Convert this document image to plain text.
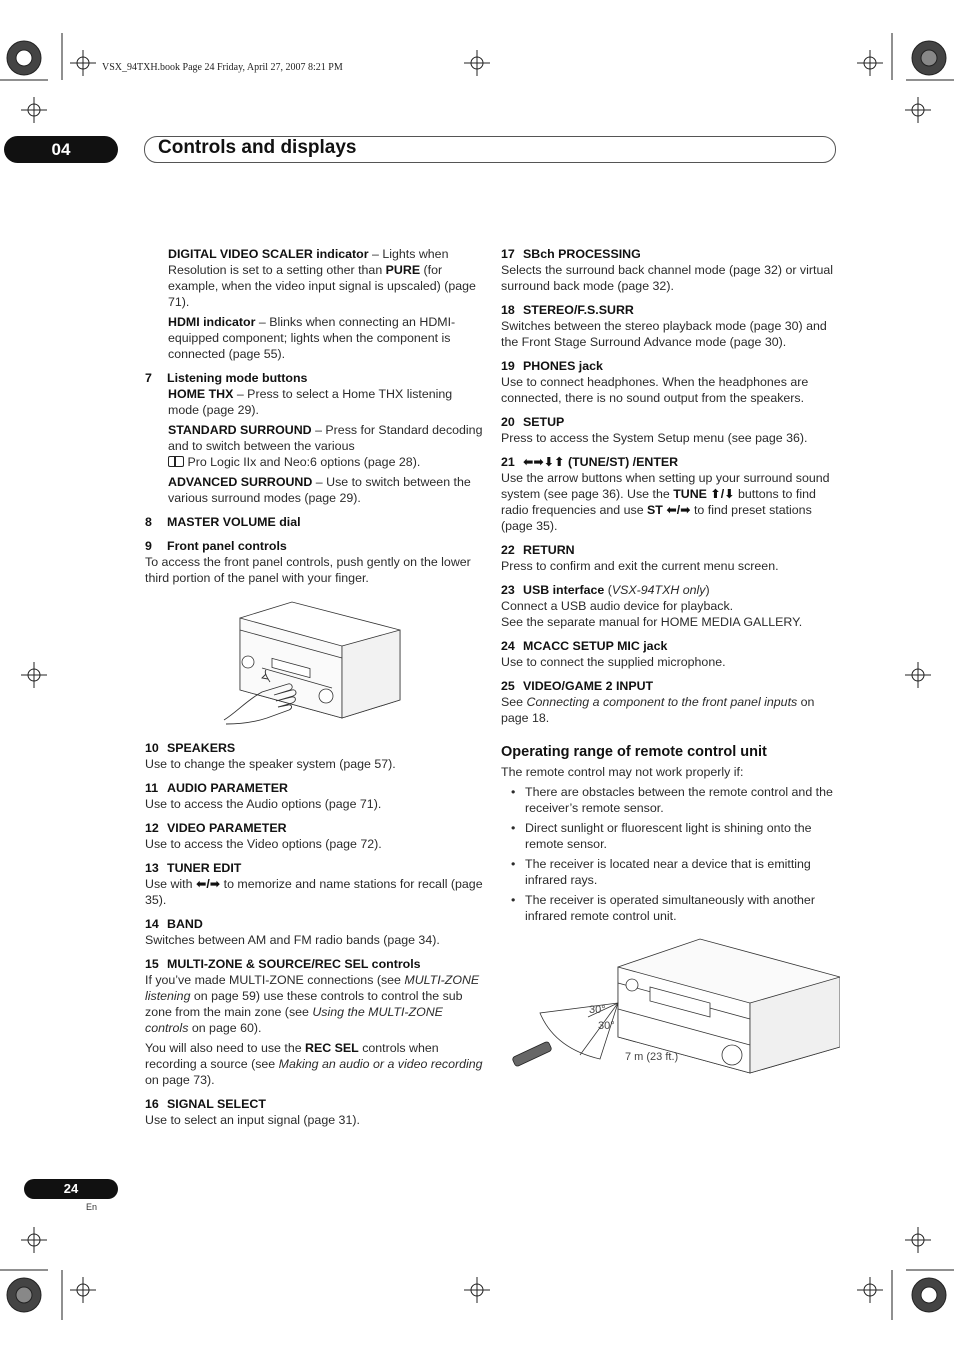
VSX_94TXH.book Page 24 Friday, April 27, 2007 8:21 PM
04	Controls and displays
DIGITAL VIDEO SCALER indicator – Lights when Resolution is set to a setting other than PURE (for example, when the video input signal is upscaled) (page 71).
HDMI indicator – Blinks when connecting an HDMI-equipped component; lights when the component is connected (page 55).
7 Listening mode buttons
HOME THX – Press to select a Home THX listening mode (page 29).
STANDARD SURROUND – Press for Standard decoding and to switch between the various

Pro Logic IIx and Neo:6 options (page 28).
ADVANCED SURROUND – Use to switch between the various surround modes (page 29).
8 MASTER VOLUME dial
9 Front panel controls
To access the front panel controls, push gently on the lower third portion of the panel with your finger.
10 SPEAKERS
Use to change the speaker system (page 57).
11 AUDIO PARAMETER
Use to access the Audio options (page 71).
12 VIDEO PARAMETER
Use to access the Video options (page 72).
13 TUNER EDIT
Use with ⬅/➡ to memorize and name stations for recall (page 35).
14 BAND
Switches between AM and FM radio bands (page 34).
15 MULTI-ZONE & SOURCE/REC SEL controls
If you’ve made MULTI-ZONE connections (see MULTI-ZONE listening on page 59) use these controls to control the sub zone from the main zone (see Using the MULTI-ZONE controls on page 60).
You will also need to use the REC SEL controls when recording a source (see Making an audio or a video recording on page 73).
16 SIGNAL SELECT
Use to select an input signal (page 31).
17 SBch PROCESSING
Selects the surround back channel mode (page 32) or virtual surround back mode (page 32).
18 STEREO/F.S.SURR
Switches between the stereo playback mode (page 30) and the Front Stage Surround Advance mode (page 30).
19 PHONES jack
Use to connect headphones. When the headphones are connected, there is no sound output from the speakers.
20 SETUP
Press to access the System Setup menu (see page 36).
21 ⬅➡⬇⬆ (TUNE/ST) /ENTER
Use the arrow buttons when setting up your surround sound system (see page 36). Use the TUNE ⬆/⬇ buttons to find radio frequencies and use ST ⬅/➡ to find preset stations (page 35).
22 RETURN
Press to confirm and exit the current menu screen.
23 USB interface (VSX-94TXH only)
Connect a USB audio device for playback.
See the separate manual for HOME MEDIA GALLERY.
24 MCACC SETUP MIC jack
Use to connect the supplied microphone.
25 VIDEO/GAME 2 INPUT
See Connecting a component to the front panel inputs on page 18.
Operating range of remote control unit
The remote control may not work properly if:
• There are obstacles between the remote control and the receiver’s remote sensor.
• Direct sunlight or fluorescent light is shining onto the remote sensor.
• The receiver is located near a device that is emitting infrared rays.
• The receiver is operated simultaneously with another infrared remote control unit.
30°
30°
7 m (23 ft.)
24
En
